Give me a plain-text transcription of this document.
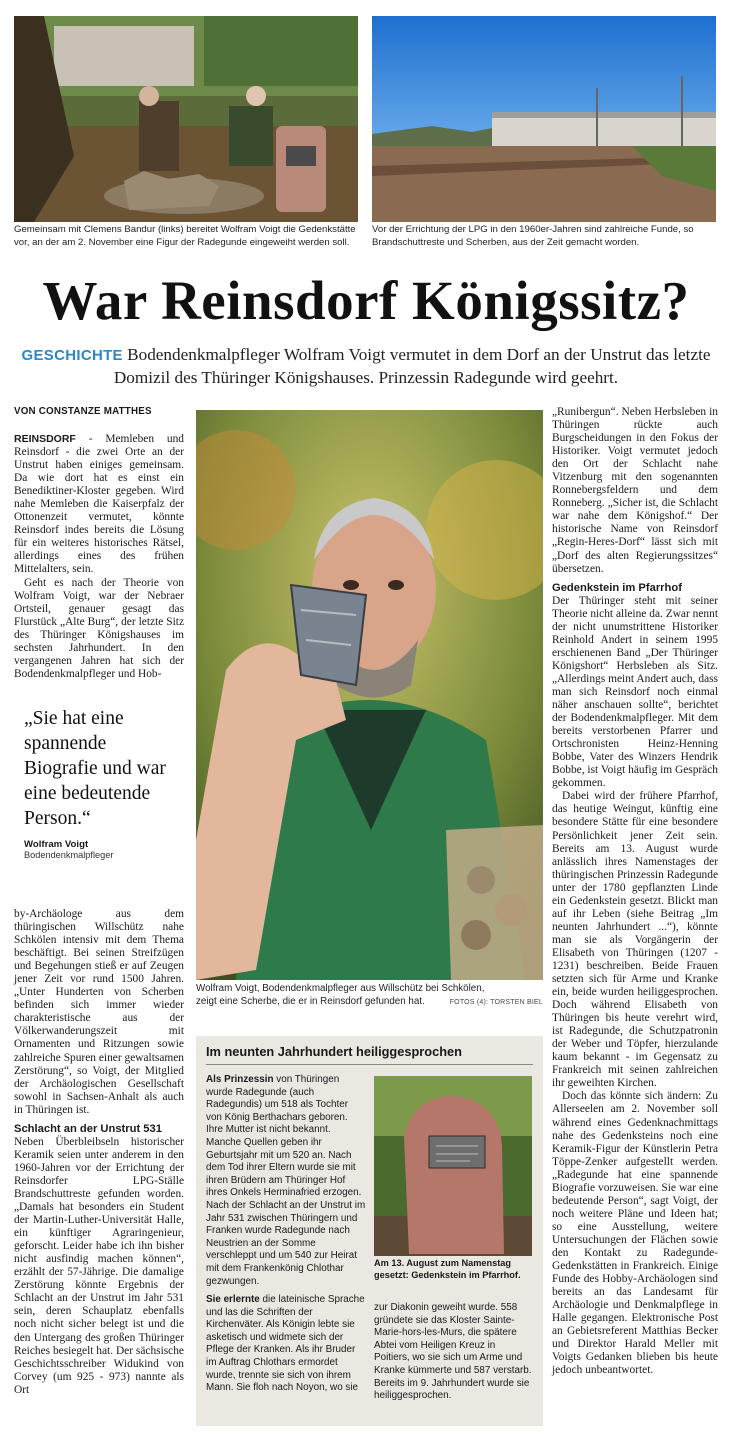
Gemeinsam mit Clemens Bandur (links) bereitet Wolfram Voigt die Gedenkstätte vor, an der am 2. November eine Figur der Radegunde eingeweiht werden soll.
Vor der Errichtung der LPG in den 1960er-Jahren sind zahlreiche Funde, so Brandschuttreste und Scherben, aus der Zeit gemacht worden.
War Reinsdorf Königssitz?
GESCHICHTE Bodendenkmalpfleger Wolfram Voigt vermutet in dem Dorf an der Unstrut das letzte Domizil des Thüringer Königshauses. Prinzessin Radegunde wird geehrt.
VON CONSTANZE MATTHES

REINSDORF - Memleben und Reinsdorf - die zwei Orte an der Unstrut haben einiges gemeinsam. Da wie dort hat es einst ein Benediktiner-Kloster gegeben. Wird nahe Memleben die Kaiserpfalz der Ottonenzeit vermutet, könnte Reinsdorf indes bereits die Lösung für ein weiteres historisches Rätsel, allerdings eines des frühen Mittelalters, sein.

Geht es nach der Theorie von Wolfram Voigt, war der Nebraer Ortsteil, genauer gesagt das Flurstück „Alte Burg“, der letzte Sitz des Thüringer Königshauses im sechsten Jahrhundert. In den vergangenen Jahren hat sich der Bodendenkmalpfleger und Hob-

„Sie hat eine spannende Biografie und war eine bedeutende Person.“
Wolfram Voigt
Bodendenkmalpfleger

by-Archäologe aus dem thüringischen Willschütz nahe Schkölen intensiv mit dem Thema beschäftigt. Bei seinen Streifzügen und Begehungen stieß er auf Zeugen jener Zeit vor rund 1500 Jahren. „Unter Hunderten von Scherben befinden sich immer wieder charakteristische aus der Völkerwanderungszeit mit Ornamenten und Ritzungen sowie zahlreiche Spuren einer gewaltsamen Zerstörung“, so Voigt, der Mitglied der Archäologischen Gesellschaft sowohl in Sachsen-Anhalt als auch in Thüringen ist.

Schlacht an der Unstrut 531

Neben Überbleibseln historischer Keramik seien unter anderem in den 1960-Jahren vor der Errichtung der Reinsdorfer LPG-Ställe Brandschuttreste gefunden worden. „Damals hat besonders ein Student der Martin-Luther-Universität Halle, ein künftiger Agraringenieur, geforscht. Leider habe ich ihn bisher nicht ausfindig machen können“, erzählt der 57-Jährige. Die damalige Zerstörung könnte Ergebnis der Schlacht an der Unstrut im Jahr 531 sein, deren Schauplatz ebenfalls noch nicht sicher belegt ist und die den Untergang des großen Thüringer Reiches besiegelt hat. Der sächsische Geschichtsschreiber Widukind von Corvey (um 925 - 973) nannte als Ort

Wolfram Voigt, Bodendenkmalpfleger aus Willschütz bei Schkölen, zeigt eine Scherbe, die er in Reinsdorf gefunden hat.	FOTOS (4): TORSTEN BIEL

„Runibergun“. Neben Herbsleben in Thüringen rückte auch Burgscheidungen in den Fokus der Historiker. Voigt vermutet jedoch den Ort der Schlacht nahe Vitzenburg mit den sogenannten Ronnebergsfeldern und dem Ronneberg. „Sicher ist, die Schlacht war nahe dem Königshof.“ Der historische Name von Reinsdorf „Regin-Heres-Dorf“ lässt sich mit „Dorf des alten Regierungssitzes“ übersetzen.

Gedenkstein im Pfarrhof

Der Thüringer steht mit seiner Theorie nicht alleine da. Zwar nennt der nicht unumstrittene Historiker Reinhold Andert in seinem 1995 erschienenen Band „Der Thüringer Königshort“ Herbsleben als Sitz. „Allerdings meint Andert auch, dass man sich Reinsdorf noch einmal näher anschauen sollte“, berichtet der Bodendenkmalpfleger. Mit dem bereits verstorbenen Pfarrer und Ortschronisten Heinz-Henning Bobbe, Vater des Winzers Hendrik Bobbe, ist Voigt häufig im Gespräch gekommen.

Dabei wird der frühere Pfarrhof, das heutige Weingut, künftig eine besondere Stätte für eine besondere Persönlichkeit jener Zeit sein. Bereits am 13. August wurde anlässlich ihres Namenstages der thüringischen Prinzessin Radegunde unter der 1780 gepflanzten Linde ein Gedenkstein gesetzt. Blickt man auf ihr Leben (siehe Beitrag „Im neunten Jahrhundert ...“), könnte man sie als Vorgängerin der Elisabeth von Thüringen (1207 - 1231) beschreiben. Beide Frauen setzten sich für Arme und Kranke ein, beide wurden heiliggesprochen. Doch während Elisabeth von Thüringen bis heute verehrt wird, ist Radegunde, die Schutzpatronin der Weber und Töpfer, hierzulande kaum bekannt - im Gegensatz zu Frankreich mit seinen zahlreichen ihr geweihten Kirchen.

Doch das könnte sich ändern: Zu Allerseelen am 2. November soll während eines Gedenknachmittags nahe des Gedenksteins noch eine Keramik-Figur der Künstlerin Petra Töppe-Zenker aufgestellt werden. „Radegunde hat eine spannende Biografie vorzuweisen. Sie war eine bedeutende Person“, sagt Voigt, der noch weitere Pläne und Ideen hat; so eine Ausstellung, weitere Untersuchungen der Flächen sowie den Kontakt zu Radegunde-Gedenkstätten in Frankreich. Einige Funde des Hobby-Archäologen sind bereits an das Landesamt für Archäologie und Denkmalpflege in Halle gegangen. Elektronische Post an Gebietsreferent Matthias Becker und Direktor Harald Meller mit Voigts Gedanken blieben bis heute jedoch unbeantwortet.

Im neunten Jahrhundert heiliggesprochen

Als Prinzessin von Thüringen wurde Radegunde (auch Radegundis) um 518 als Tochter von König Berthachars geboren. Ihre Mutter ist nicht bekannt. Manche Quellen geben ihr Geburtsjahr mit um 520 an. Nach dem Tod ihrer Eltern wurde sie mit ihren Brüdern am Thüringer Hof ihres Onkels Herminafried erzogen. Nach der Schlacht an der Unstrut im Jahr 531 zwischen Thüringern und Franken wurde Radegunde nach Neustrien an der Somme verschleppt und um 540 zur Heirat mit dem Frankenkönig Chlothar gezwungen.

Sie erlernte die lateinische Sprache und las die Schriften der Kirchenväter. Als Königin lebte sie asketisch und widmete sich der Pflege der Kranken. Als ihr Bruder im Auftrag Chlothars ermordet wurde, trennte sie sich von ihrem Mann. Sie floh nach Noyon, wo sie

Am 13. August zum Namenstag gesetzt: Gedenkstein im Pfarrhof.

zur Diakonin geweiht wurde. 558 gründete sie das Kloster Sainte-Marie-hors-les-Murs, die spätere Abtei vom Heiligen Kreuz in Poitiers, wo sie sich um Arme und Kranke kümmerte und 587 verstarb. Bereits im 9. Jahrhundert wurde sie heiliggesprochen.
